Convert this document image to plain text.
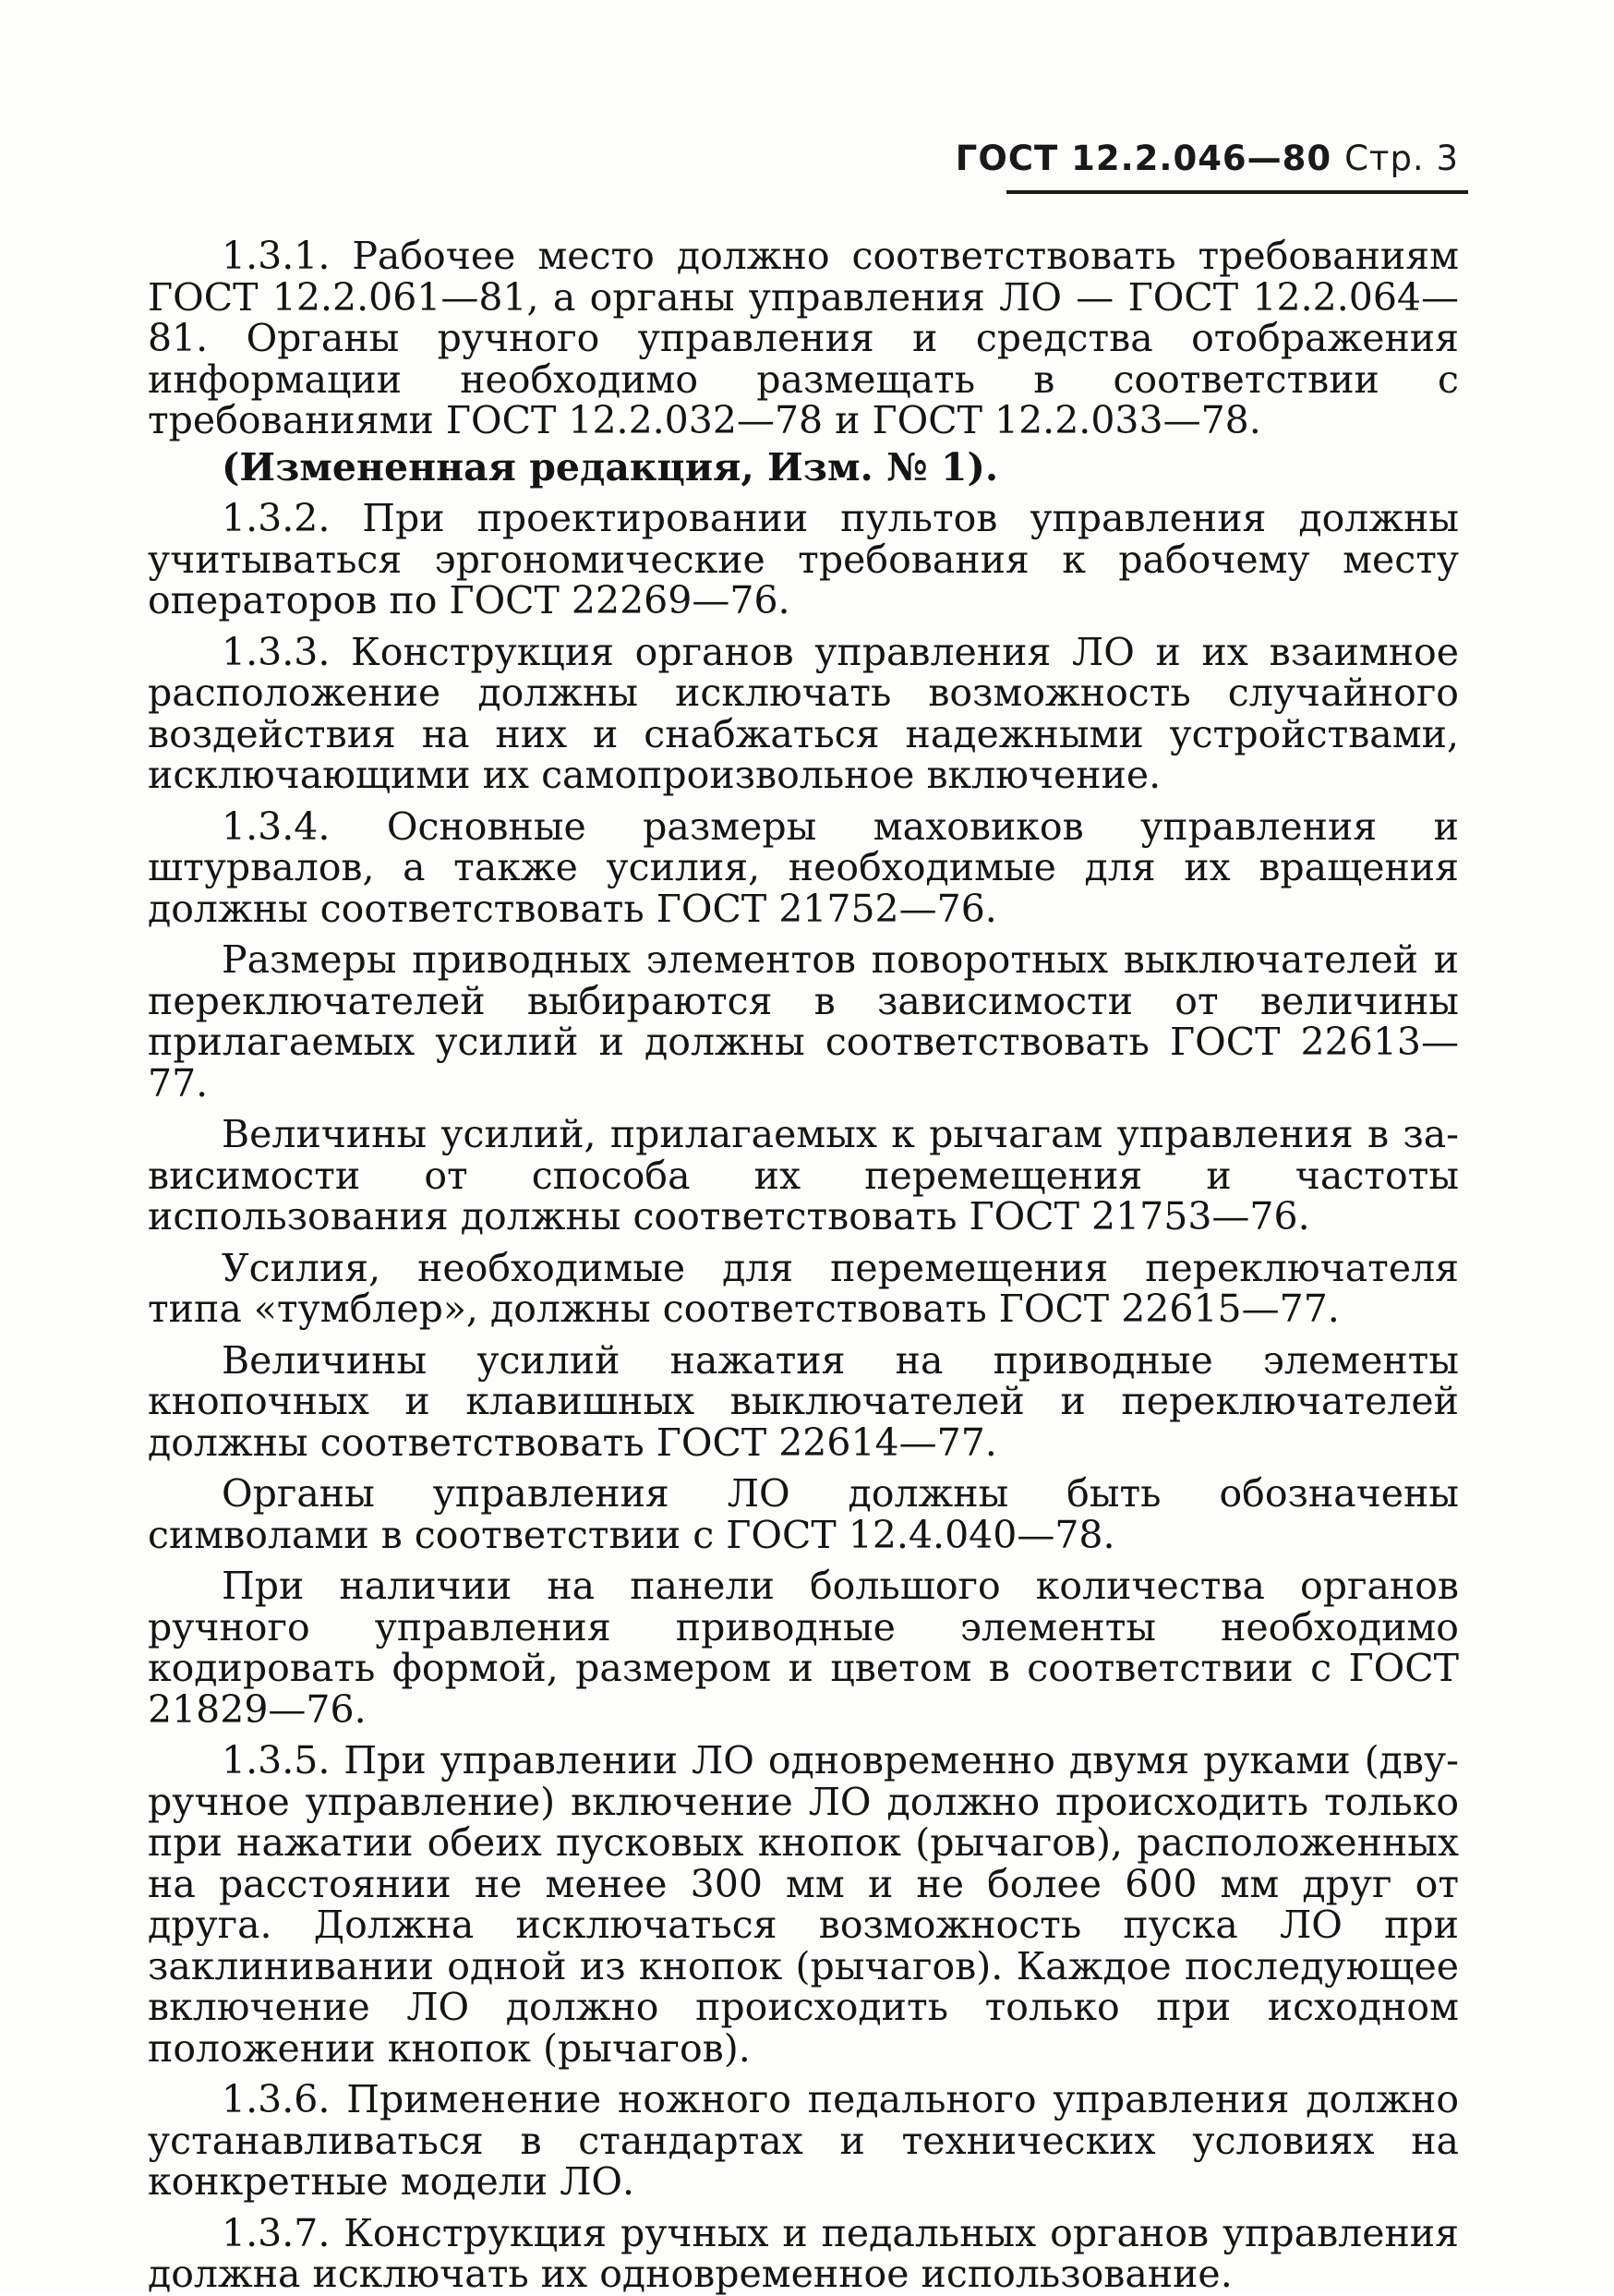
ГОСТ 12.2.046—80 Стр. 3

1.3.1. Рабочее место должно соответствовать требованиям ГОСТ 12.2.061—81, а органы управления ЛО — ГОСТ 12.2.064—81. Органы ручного управления и средства отображения информации необходимо размещать в соответствии с требованиями ГОСТ 12.2.032—78 и ГОСТ 12.2.033—78.

(Измененная редакция, Изм. № 1).

1.3.2. При проектировании пультов управления должны учитываться эргономические требования к рабочему месту операторов по ГОСТ 22269—76.

1.3.3. Конструкция органов управления ЛО и их взаимное расположение должны исключать возможность случайного воздействия на них и снабжаться надежными устройствами, исключающими их самопроизвольное включение.

1.3.4. Основные размеры маховиков управления и штурвалов, а также усилия, необходимые для их вращения должны соответствовать ГОСТ 21752—76.

Размеры приводных элементов поворотных выключателей и переключателей выбираются в зависимости от величины прилагаемых усилий и должны соответствовать ГОСТ 22613—77.

Величины усилий, прилагаемых к рычагам управления в зависимости от способа их перемещения и частоты использования должны соответствовать ГОСТ 21753—76.

Усилия, необходимые для перемещения переключателя типа «тумблер», должны соответствовать ГОСТ 22615—77.

Величины усилий нажатия на приводные элементы кнопочных и клавишных выключателей и переключателей должны соответствовать ГОСТ 22614—77.

Органы управления ЛО должны быть обозначены символами в соответствии с ГОСТ 12.4.040—78.

При наличии на панели большого количества органов ручного управления приводные элементы необходимо кодировать формой, размером и цветом в соответствии с ГОСТ 21829—76.

1.3.5. При управлении ЛО одновременно двумя руками (двуручное управление) включение ЛО должно происходить только при нажатии обеих пусковых кнопок (рычагов), расположенных на расстоянии не менее 300 мм и не более 600 мм друг от друга. Должна исключаться возможность пуска ЛО при заклинивании одной из кнопок (рычагов). Каждое последующее включение ЛО должно происходить только при исходном положении кнопок (рычагов).

1.3.6. Применение ножного педального управления должно устанавливаться в стандартах и технических условиях на конкретные модели ЛО.

1.3.7. Конструкция ручных и педальных органов управления должна исключать их одновременное использование.
